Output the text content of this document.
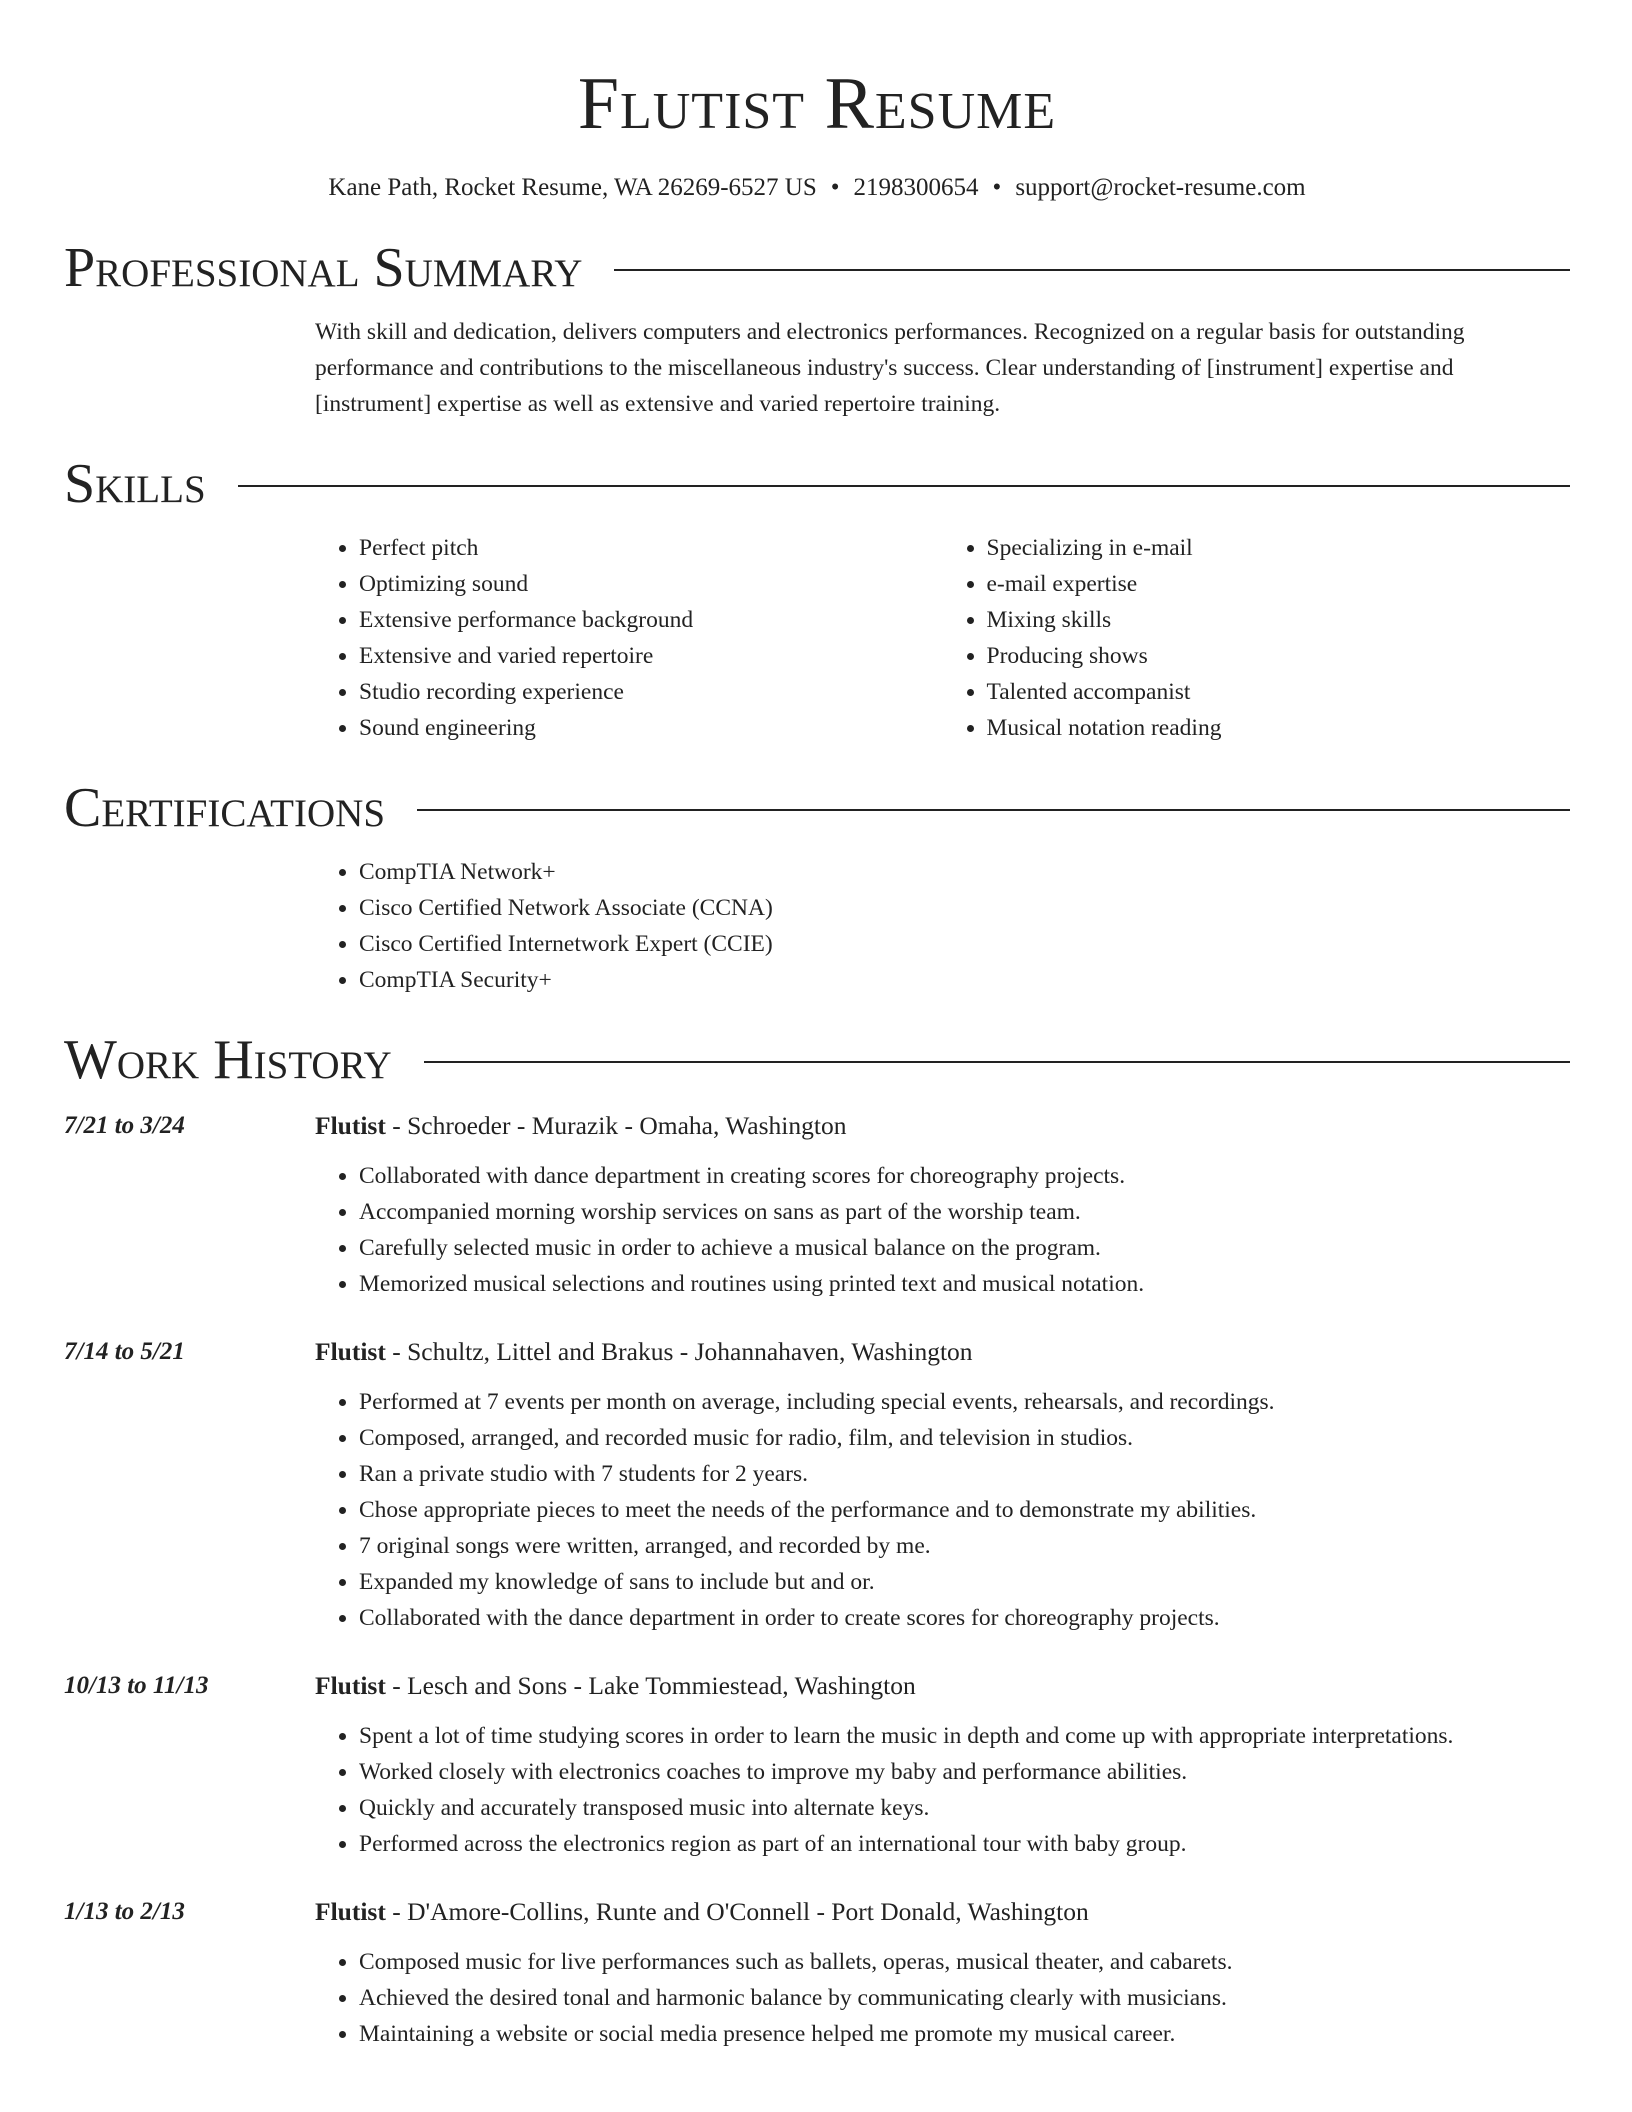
Flutist Resume
Kane Path, Rocket Resume, WA 26269-6527 US • 2198300654 • support@rocket-resume.com
Professional Summary

With skill and dedication, delivers computers and electronics performances. Recognized on a regular basis for outstanding performance and contributions to the miscellaneous industry's success. Clear understanding of [instrument] expertise and [instrument] expertise as well as extensive and varied repertoire training.

Skills
• Perfect pitch
• Optimizing sound
• Extensive performance background
• Extensive and varied repertoire
• Studio recording experience
• Sound engineering
• Specializing in e-mail
• e-mail expertise
• Mixing skills
• Producing shows
• Talented accompanist
• Musical notation reading
Certifications
• CompTIA Network+
• Cisco Certified Network Associate (CCNA)
• Cisco Certified Internetwork Expert (CCIE)
• CompTIA Security+
Work History
7/21 to 3/24	Flutist - Schroeder - Murazik - Omaha, Washington
• Collaborated with dance department in creating scores for choreography projects.
• Accompanied morning worship services on sans as part of the worship team.
• Carefully selected music in order to achieve a musical balance on the program.
• Memorized musical selections and routines using printed text and musical notation.
7/14 to 5/21	Flutist - Schultz, Littel and Brakus - Johannahaven, Washington
• Performed at 7 events per month on average, including special events, rehearsals, and recordings.
• Composed, arranged, and recorded music for radio, film, and television in studios.
• Ran a private studio with 7 students for 2 years.
• Chose appropriate pieces to meet the needs of the performance and to demonstrate my abilities.
• 7 original songs were written, arranged, and recorded by me.
• Expanded my knowledge of sans to include but and or.
• Collaborated with the dance department in order to create scores for choreography projects.
10/13 to 11/13	Flutist - Lesch and Sons - Lake Tommiestead, Washington
• Spent a lot of time studying scores in order to learn the music in depth and come up with appropriate interpretations.
• Worked closely with electronics coaches to improve my baby and performance abilities.
• Quickly and accurately transposed music into alternate keys.
• Performed across the electronics region as part of an international tour with baby group.
1/13 to 2/13	Flutist - D'Amore-Collins, Runte and O'Connell - Port Donald, Washington
• Composed music for live performances such as ballets, operas, musical theater, and cabarets.
• Achieved the desired tonal and harmonic balance by communicating clearly with musicians.
• Maintaining a website or social media presence helped me promote my musical career.
